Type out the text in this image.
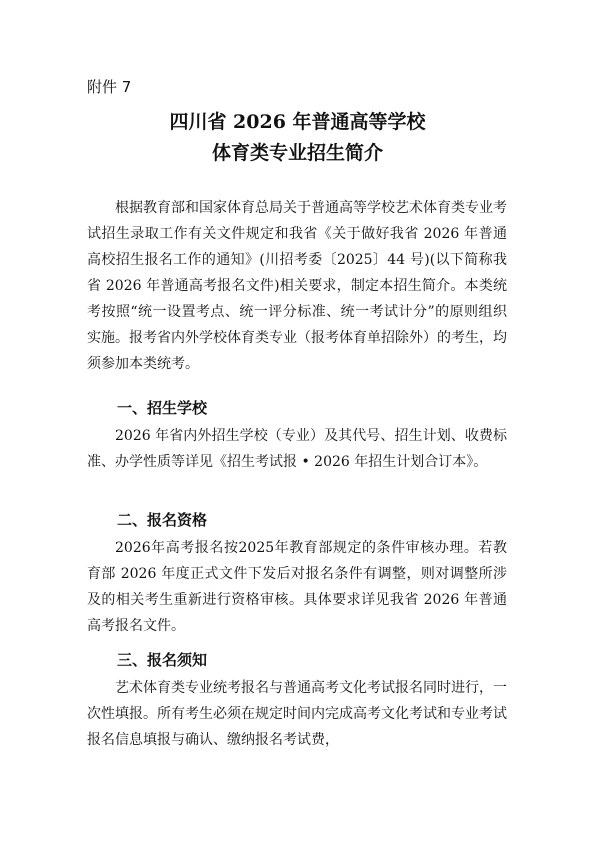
附件 7
四川省 2026 年普通高等学校
体育类专业招生简介

根据教育部和国家体育总局关于普通高等学校艺术体育类专业考试招生录取工作有关文件规定和我省《关于做好我省 2026 年普通高校招生报名工作的通知》(川招考委〔2025〕44 号)(以下简称我省 2026 年普通高考报名文件)相关要求，制定本招生简介。本类统考按照“统一设置考点、统一评分标准、统一考试计分”的原则组织实施。报考省内外学校体育类专业（报考体育单招除外）的考生，均须参加本类统考。

一、招生学校

2026 年省内外招生学校（专业）及其代号、招生计划、收费标准、办学性质等详见《招生考试报 • 2026 年招生计划合订本》。

二、报名资格

2026年高考报名按2025年教育部规定的条件审核办理。若教育部 2026 年度正式文件下发后对报名条件有调整，则对调整所涉及的相关考生重新进行资格审核。具体要求详见我省 2026 年普通高考报名文件。

三、报名须知

艺术体育类专业统考报名与普通高考文化考试报名同时进行，一次性填报。所有考生必须在规定时间内完成高考文化考试和专业考试报名信息填报与确认、缴纳报名考试费，
